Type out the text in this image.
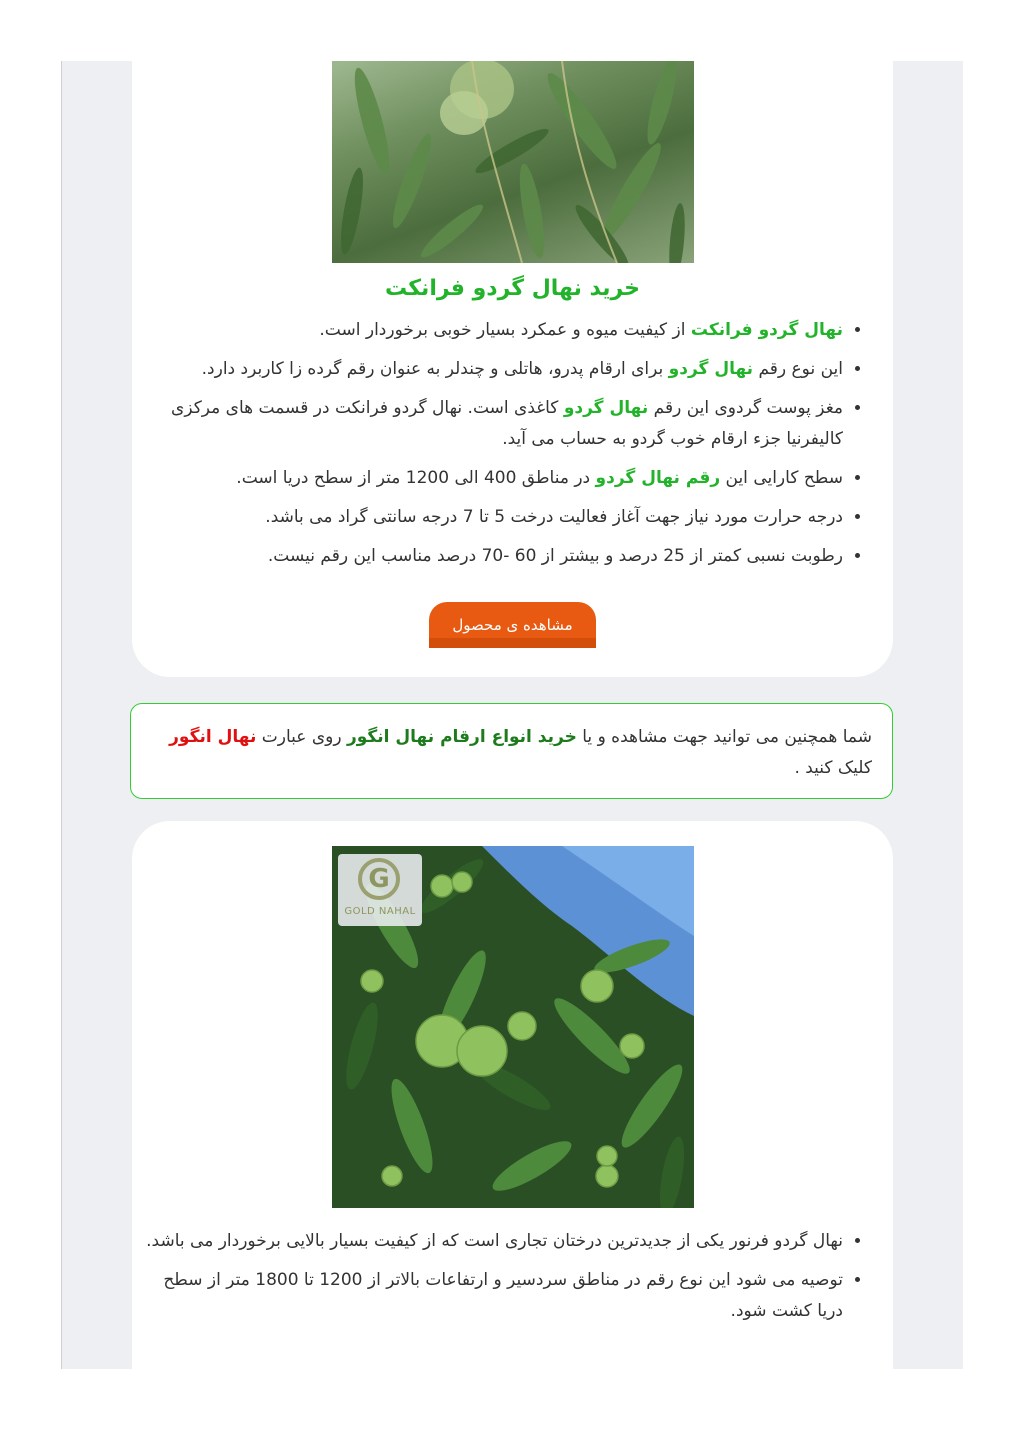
خرید نهال گردو فرانکت
• نهال گردو فرانکت از کیفیت میوه و عمکرد بسیار خوبی برخوردار است.
• این نوع رقم نهال گردو برای ارقام پدرو، هاتلی و چندلر به عنوان رقم گرده زا کاربرد دارد.
• مغز پوست گردوی این رقم نهال گردو کاغذی است. نهال گردو فرانکت در قسمت های مرکزی کالیفرنیا جزء ارقام خوب گردو به حساب می آید.
• سطح کارایی این رقم نهال گردو در مناطق 400 الی 1200 متر از سطح دریا است.
• درجه حرارت مورد نیاز جهت آغاز فعالیت درخت 5 تا 7 درجه سانتی گراد می باشد.
• رطوبت نسبی کمتر از 25 درصد و بیشتر از 60 -70 درصد مناسب این رقم نیست.
مشاهده ی محصول
شما همچنین می توانید جهت مشاهده و یا خرید انواع ارقام نهال انگور روی عبارت نهال انگور کلیک کنید .
G
GOLD NAHAL
• نهال گردو فرنور یکی از جدیدترین درختان تجاری است که از کیفیت بسیار بالایی برخوردار می باشد.
• توصیه می شود این نوع رقم در مناطق سردسیر و ارتفاعات بالاتر از 1200 تا 1800 متر از سطح دریا کشت شود.
